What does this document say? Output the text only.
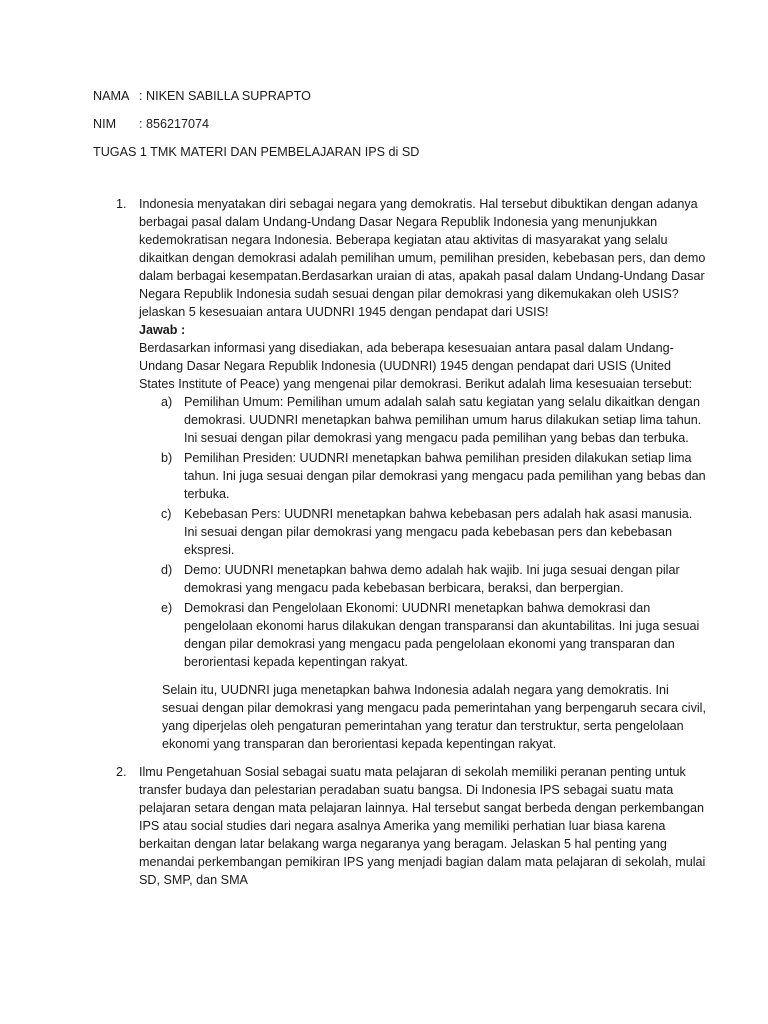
NAMA : NIKEN SABILLA SUPRAPTO
NIM : 856217074
TUGAS 1 TMK MATERI DAN PEMBELAJARAN IPS di SD
1. Indonesia menyatakan diri sebagai negara yang demokratis. Hal tersebut dibuktikan dengan adanya berbagai pasal dalam Undang-Undang Dasar Negara Republik Indonesia yang menunjukkan kedemokratisan negara Indonesia. Beberapa kegiatan atau aktivitas di masyarakat yang selalu dikaitkan dengan demokrasi adalah pemilihan umum, pemilihan presiden, kebebasan pers, dan demo dalam berbagai kesempatan.Berdasarkan uraian di atas, apakah pasal dalam Undang-Undang Dasar Negara Republik Indonesia sudah sesuai dengan pilar demokrasi yang dikemukakan oleh USIS? jelaskan 5 kesesuaian antara UUDNRI 1945 dengan pendapat dari USIS!

Jawab :

Berdasarkan informasi yang disediakan, ada beberapa kesesuaian antara pasal dalam Undang-Undang Dasar Negara Republik Indonesia (UUDNRI) 1945 dengan pendapat dari USIS (United States Institute of Peace) yang mengenai pilar demokrasi. Berikut adalah lima kesesuaian tersebut:

a) Pemilihan Umum: Pemilihan umum adalah salah satu kegiatan yang selalu dikaitkan dengan demokrasi. UUDNRI menetapkan bahwa pemilihan umum harus dilakukan setiap lima tahun. Ini sesuai dengan pilar demokrasi yang mengacu pada pemilihan yang bebas dan terbuka.
b) Pemilihan Presiden: UUDNRI menetapkan bahwa pemilihan presiden dilakukan setiap lima tahun. Ini juga sesuai dengan pilar demokrasi yang mengacu pada pemilihan yang bebas dan terbuka.
c) Kebebasan Pers: UUDNRI menetapkan bahwa kebebasan pers adalah hak asasi manusia. Ini sesuai dengan pilar demokrasi yang mengacu pada kebebasan pers dan kebebasan ekspresi.
d) Demo: UUDNRI menetapkan bahwa demo adalah hak wajib. Ini juga sesuai dengan pilar demokrasi yang mengacu pada kebebasan berbicara, beraksi, dan berpergian.
e) Demokrasi dan Pengelolaan Ekonomi: UUDNRI menetapkan bahwa demokrasi dan pengelolaan ekonomi harus dilakukan dengan transparansi dan akuntabilitas. Ini juga sesuai dengan pilar demokrasi yang mengacu pada pengelolaan ekonomi yang transparan dan berorientasi kepada kepentingan rakyat.

Selain itu, UUDNRI juga menetapkan bahwa Indonesia adalah negara yang demokratis. Ini sesuai dengan pilar demokrasi yang mengacu pada pemerintahan yang berpengaruh secara civil, yang diperjelas oleh pengaturan pemerintahan yang teratur dan terstruktur, serta pengelolaan ekonomi yang transparan dan berorientasi kepada kepentingan rakyat.

2. Ilmu Pengetahuan Sosial sebagai suatu mata pelajaran di sekolah memiliki peranan penting untuk transfer budaya dan pelestarian peradaban suatu bangsa. Di Indonesia IPS sebagai suatu mata pelajaran setara dengan mata pelajaran lainnya. Hal tersebut sangat berbeda dengan perkembangan IPS atau social studies dari negara asalnya Amerika yang memiliki perhatian luar biasa karena berkaitan dengan latar belakang warga negaranya yang beragam. Jelaskan 5 hal penting yang menandai perkembangan pemikiran IPS yang menjadi bagian dalam mata pelajaran di sekolah, mulai SD, SMP, dan SMA
